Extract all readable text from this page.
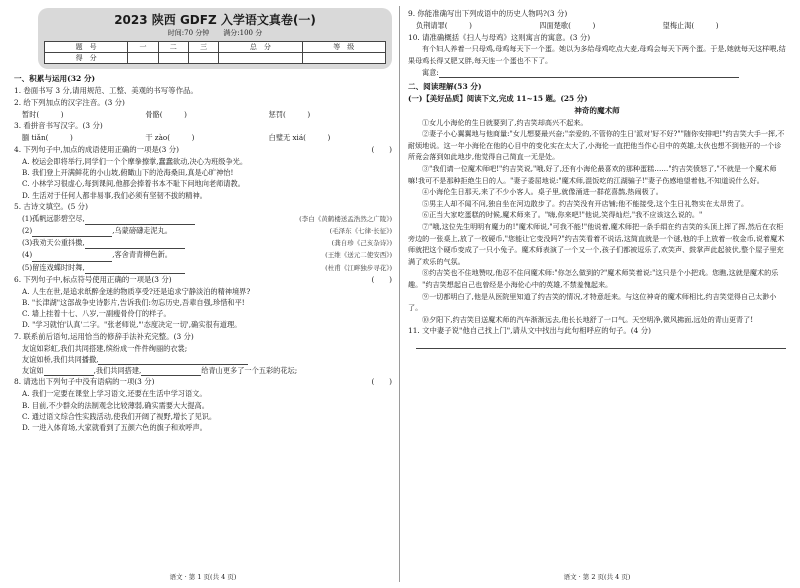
2023 陕西 GDFZ 入学语文真卷(一)
时间:70 分钟　　满分:100 分
题　号	一	二	三	总　分	等　级
得　分					
一、积累与运用(32 分)
1. 卷面书写 3 分,请用规范、工整、美观的书写等作品。
2. 给下列加点的汉字注音。(3 分)
暂时(　　　)	骨骼(　　　)	惩罚(　　　)
3. 看拼音书写汉字。(3 分)
腼 tiǎn(　　　)	干 zào(　　　)	白璧无 xiá(　　　)
4. 下列句子中,加点的成语使用正确的一项是(3 分)	(　　)
A. 校运会即将举行,同学们一个个摩拳擦掌,蠢蠢欲动,决心为班级争光。
B. 我们登上开满鲜花的小山坡,俯瞰山下的沧海桑田,真是心旷神怡!
C. 小林学习很虚心,每到课间,他都会捧着书本不耻下问地向老师请教。
D. 生活对于任何人都非易事,我们必须有坚韧不拔的精神。
5. 古诗文填空。(5 分)
(1)孤帆远影碧空尽,	(李白《黄鹤楼送孟浩然之广陵》)
(2)	,乌蒙磅礴走泥丸。	(毛泽东《七律·长征》)
(3)我劝天公重抖擞,	(龚自珍《己亥杂诗》)
(4)	,客舍青青柳色新。	(王维《送元二使安西》)
(5)留连戏蝶时时舞,	(杜甫《江畔独步寻花》)
6. 下列句子中,标点符号使用正确的一项是(3 分)	(　　)
A. 人生在世,是追求纸醉金迷的物质享受?还是追求宁静淡泊的精神境界?
B. "长津湖"这部战争史诗影片,告诉我们:勿忘历史,吾辈自强,珍惜和平!
C. 墙上挂着十七、八岁,一副瘦骨伶仃的样子。
D. "学习就怕'认真'二字。"张老师说,"'态度决定一切',确实很有道理。
7. 联系前后语句,运用恰当的修辞手法补充完整。(3 分)
友谊如彩虹,我们共同搭建,缤纷成一件件绚丽的衣裳;
友谊如桥,我们共同播撒,
友谊如	,我们共同搭建,	给青山更多了一个五彩的花坛;
8. 请选出下列句子中没有语病的一项(3 分)	(　　)
A. 我们一定要在课堂上学习语文,还要在生活中学习语文。
B. 目前,不少群众的法制观念比较薄弱,确实需要大大提高。
C. 通过语文综合性实践活动,使我们开阔了视野,增长了见识。
D. 一进入体育场,大家就看到了五颜六色的旗子和欢呼声。
语文 · 第 1 页(共 4 页)
9. 你能准确写出下列成语中的历史人物吗?(3 分)
负荆请罪(　　　)	四面楚歌(　　　)	望梅止渴(　　　)
10. 请准确概括《扫人与母鸡》这则寓言的寓意。(3 分)
有个妇人养着一只母鸡,母鸡每天下一个蛋。她以为多给母鸡吃点大麦,母鸡会每天下两个蛋。于是,她就每天这样喂,结果母鸡长得又肥又胖,每天连一个蛋也不下了。
寓意:
二、阅读理解(53 分)
(一)【美好品质】阅读下文,完成 11~15 题。(25 分)
神奇的魔术师
①女儿小海伦的生日就要到了,约吉笑却高兴不起来。
②妻子小心翼翼地与他商量:"女儿想要最兴奋;"亲爱的,不管你的生日'派对'好不好?""随你安排吧!"约吉笑大手一挥,不耐烦地说。这一年小海伦在他的心目中的变化实在太大了,小海伦一直把他当作心目中的英雄,太伙也想不到他开的一个诊所竟会落到如此地步,他觉得自己简直一无是处。
③"我们请一位魔术师吧!"约吉笑说,"哦,好了,还有小海伦最喜欢的那种蛋糕……"约吉笑愤怒了,"不就是一个魔术师嘛!我可不是那种拒绝生日的人。"妻子委屈地说:"魔术师,混饭吃的江湖骗子!"妻子伤感地望着他,不知道说什么好。
④小海伦生日那天,来了不少小客人。桌子里,就像涌进一群花喜鹊,热闹极了。
⑤男主人却不闻不问,独自坐在河边散步了。约吉笑没有开店铺;他不能接受,这个生日礼物实在太昂贵了。
⑥正当大家吃蛋糕的时候,魔术师来了。"嗨,你来吧!"他说,笑得灿烂,"我不应该这么说的。"
⑦"哦,这位先生明明有魔力的!"魔术师说,"可我不能!"他说着,魔术师把一条手绢在约吉笑的头顶上挥了挥,然后在衣柜旁边的一张桌上,放了一枚硬币,"您能让它变没吗?"约吉笑看着不说话,这简直就是一个谜,他的手上放着一枚金币,说着魔术师就把这个硬币变成了一只小兔子。魔术师表演了一个又一个,孩子们都被逗乐了,欢笑声、鼓掌声此起彼伏,整个屋子里充满了欢乐的气氛。
⑧约吉笑也不住地赞叹,他忍不住问魔术师:"你怎么做到的?"魔术师笑着说:"这只是个小把戏。您瞧,这就是魔术的乐趣。"约吉笑想起自己也曾经是小海伦心中的英雄,不禁羞愧起来。
⑨一切都明白了,他是从医院里知道了约吉笑的情况,才特意赶来。与这位神奇的魔术师相比,约吉笑觉得自己太渺小了。
⑩夕阳下,约吉笑目送魔术师的汽车渐渐远去,他长长地舒了一口气。天空明净,微风拂面,远处的青山更青了!
11. 文中妻子说"他自己找上门",请从文中找出与此句相呼应的句子。(4 分)
语文 · 第 2 页(共 4 页)
